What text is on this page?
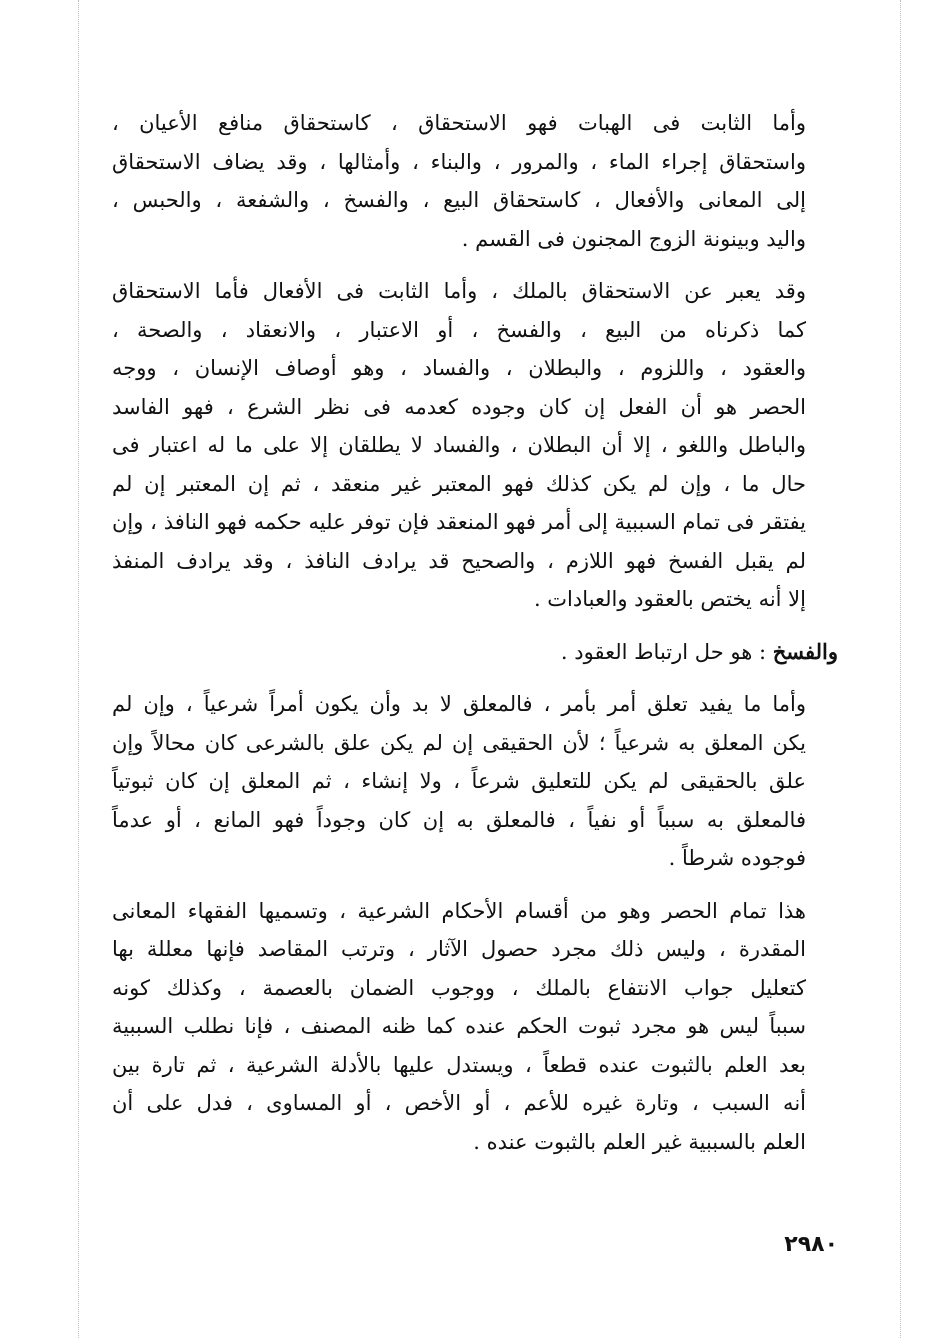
وأما الثابت فى الهبات فهو الاستحقاق ، كاستحقاق منافع الأعيان ،
واستحقاق إجراء الماء ، والمرور ، والبناء ، وأمثالها ، وقد يضاف الاستحقاق
إلى المعانى والأفعال ، كاستحقاق البيع ، والفسخ ، والشفعة ، والحبس ،
واليد وبينونة الزوج المجنون فى القسم .

وقد يعبر عن الاستحقاق بالملك ، وأما الثابت فى الأفعال فأما الاستحقاق
كما ذكرناه من البيع ، والفسخ ، أو الاعتبار ، والانعقاد ، والصحة ،
والعقود ، واللزوم ، والبطلان ، والفساد ، وهو أوصاف الإنسان ، ووجه
الحصر هو أن الفعل إن كان وجوده كعدمه فى نظر الشرع ، فهو الفاسد
والباطل واللغو ، إلا أن البطلان ، والفساد لا يطلقان إلا على ما له اعتبار فى
حال ما ، وإن لم يكن كذلك فهو المعتبر غير منعقد ، ثم إن المعتبر إن لم
يفتقر فى تمام السببية إلى أمر فهو المنعقد فإن توفر عليه حكمه فهو النافذ ، وإن
لم يقبل الفسخ فهو اللازم ، والصحيح قد يرادف النافذ ، وقد يرادف المنفذ
إلا أنه يختص بالعقود والعبادات .

والفسخ : هو حل ارتباط العقود .

وأما ما يفيد تعلق أمر بأمر ، فالمعلق لا بد وأن يكون أمراً شرعياً ، وإن لم
يكن المعلق به شرعياً ؛ لأن الحقيقى إن لم يكن علق بالشرعى كان محالاً وإن
علق بالحقيقى لم يكن للتعليق شرعاً ، ولا إنشاء ، ثم المعلق إن كان ثبوتياً
فالمعلق به سبباً أو نفياً ، فالمعلق به إن كان وجوداً فهو المانع ، أو عدماً
فوجوده شرطاً .

هذا تمام الحصر وهو من أقسام الأحكام الشرعية ، وتسميها الفقهاء المعانى
المقدرة ، وليس ذلك مجرد حصول الآثار ، وترتب المقاصد فإنها معللة بها
كتعليل جواب الانتفاع بالملك ، ووجوب الضمان بالعصمة ، وكذلك كونه
سبباً ليس هو مجرد ثبوت الحكم عنده كما ظنه المصنف ، فإنا نطلب السببية
بعد العلم بالثبوت عنده قطعاً ، ويستدل عليها بالأدلة الشرعية ، ثم تارة بين
أنه السبب ، وتارة غيره للأعم ، أو الأخص ، أو المساوى ، فدل على أن
العلم بالسببية غير العلم بالثبوت عنده .

٢٩٨٠
